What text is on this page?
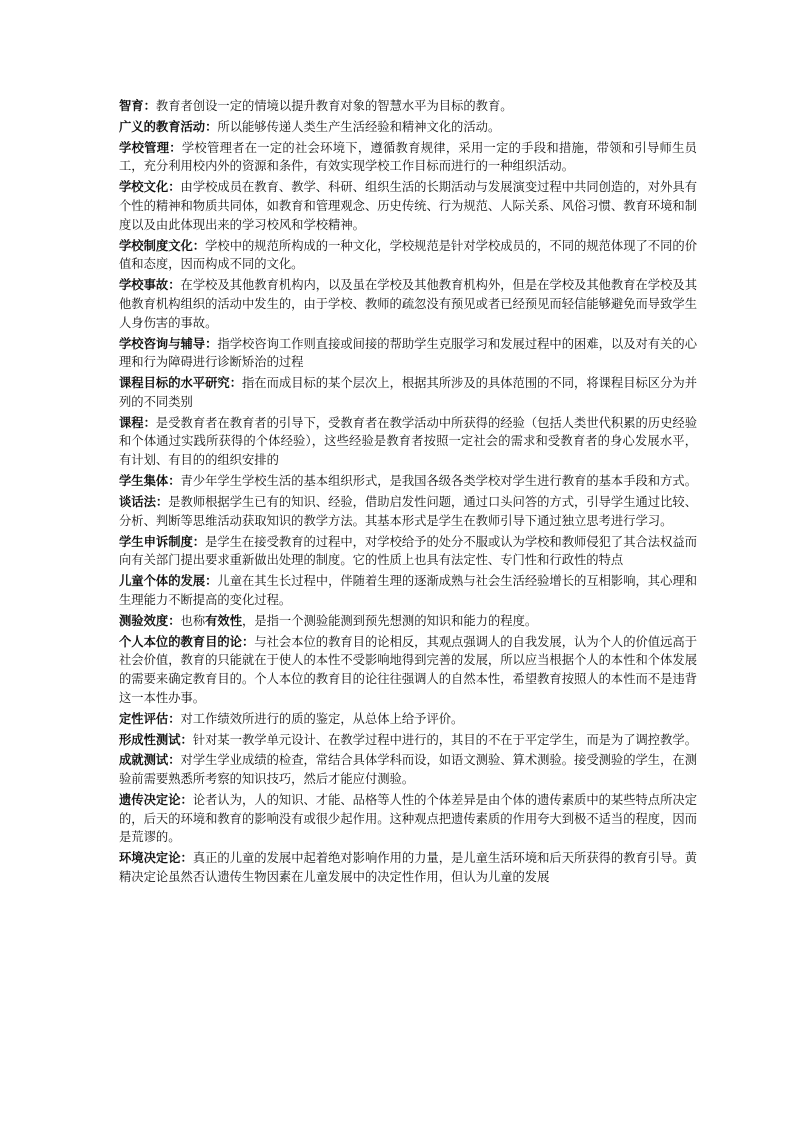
智育：教育者创设一定的情境以提升教育对象的智慧水平为目标的教育。

广义的教育活动：所以能够传递人类生产生活经验和精神文化的活动。

学校管理：学校管理者在一定的社会环境下，遵循教育规律，采用一定的手段和措施，带领和引导师生员工，充分利用校内外的资源和条件，有效实现学校工作目标而进行的一种组织活动。

学校文化：由学校成员在教育、教学、科研、组织生活的长期活动与发展演变过程中共同创造的，对外具有个性的精神和物质共同体，如教育和管理观念、历史传统、行为规范、人际关系、风俗习惯、教育环境和制度以及由此体现出来的学习校风和学校精神。

学校制度文化：学校中的规范所构成的一种文化，学校规范是针对学校成员的，不同的规范体现了不同的价值和态度，因而构成不同的文化。

学校事故：在学校及其他教育机构内，以及虽在学校及其他教育机构外，但是在学校及其他教育在学校及其他教育机构组织的活动中发生的，由于学校、教师的疏忽没有预见或者已经预见而轻信能够避免而导致学生人身伤害的事故。

学校咨询与辅导：指学校咨询工作则直接或间接的帮助学生克服学习和发展过程中的困难，以及对有关的心理和行为障碍进行诊断矫治的过程

课程目标的水平研究：指在而成目标的某个层次上，根据其所涉及的具体范围的不同，将课程目标区分为并列的不同类别

课程：是受教育者在教育者的引导下，受教育者在教学活动中所获得的经验（包括人类世代积累的历史经验和个体通过实践所获得的个体经验），这些经验是教育者按照一定社会的需求和受教育者的身心发展水平，有计划、有目的的组织安排的

学生集体：青少年学生学校生活的基本组织形式，是我国各级各类学校对学生进行教育的基本手段和方式。

谈话法：是教师根据学生已有的知识、经验，借助启发性问题，通过口头问答的方式，引导学生通过比较、分析、判断等思维活动获取知识的教学方法。其基本形式是学生在教师引导下通过独立思考进行学习。

学生申诉制度：是学生在接受教育的过程中，对学校给予的处分不服或认为学校和教师侵犯了其合法权益而向有关部门提出要求重新做出处理的制度。它的性质上也具有法定性、专门性和行政性的特点

儿童个体的发展：儿童在其生长过程中，伴随着生理的逐渐成熟与社会生活经验增长的互相影响，其心理和生理能力不断提高的变化过程。

测验效度：也称有效性，是指一个测验能测到预先想测的知识和能力的程度。

个人本位的教育目的论：与社会本位的教育目的论相反，其观点强调人的自我发展，认为个人的价值远高于社会价值，教育的只能就在于使人的本性不受影响地得到完善的发展，所以应当根据个人的本性和个体发展的需要来确定教育目的。个人本位的教育目的论往往强调人的自然本性，希望教育按照人的本性而不是违背这一本性办事。

定性评估：对工作绩效所进行的质的鉴定，从总体上给予评价。

形成性测试：针对某一教学单元设计、在教学过程中进行的，其目的不在于平定学生，而是为了调控教学。

成就测试：对学生学业成绩的检查，常结合具体学科而设，如语文测验、算术测验。接受测验的学生，在测验前需要熟悉所考察的知识技巧，然后才能应付测验。

遗传决定论：论者认为，人的知识、才能、品格等人性的个体差异是由个体的遗传素质中的某些特点所决定的，后天的环境和教育的影响没有或很少起作用。这种观点把遗传素质的作用夸大到极不适当的程度，因而是荒谬的。

环境决定论：真正的儿童的发展中起着绝对影响作用的力量，是儿童生活环境和后天所获得的教育引导。黄精决定论虽然否认遗传生物因素在儿童发展中的决定性作用，但认为儿童的发展
